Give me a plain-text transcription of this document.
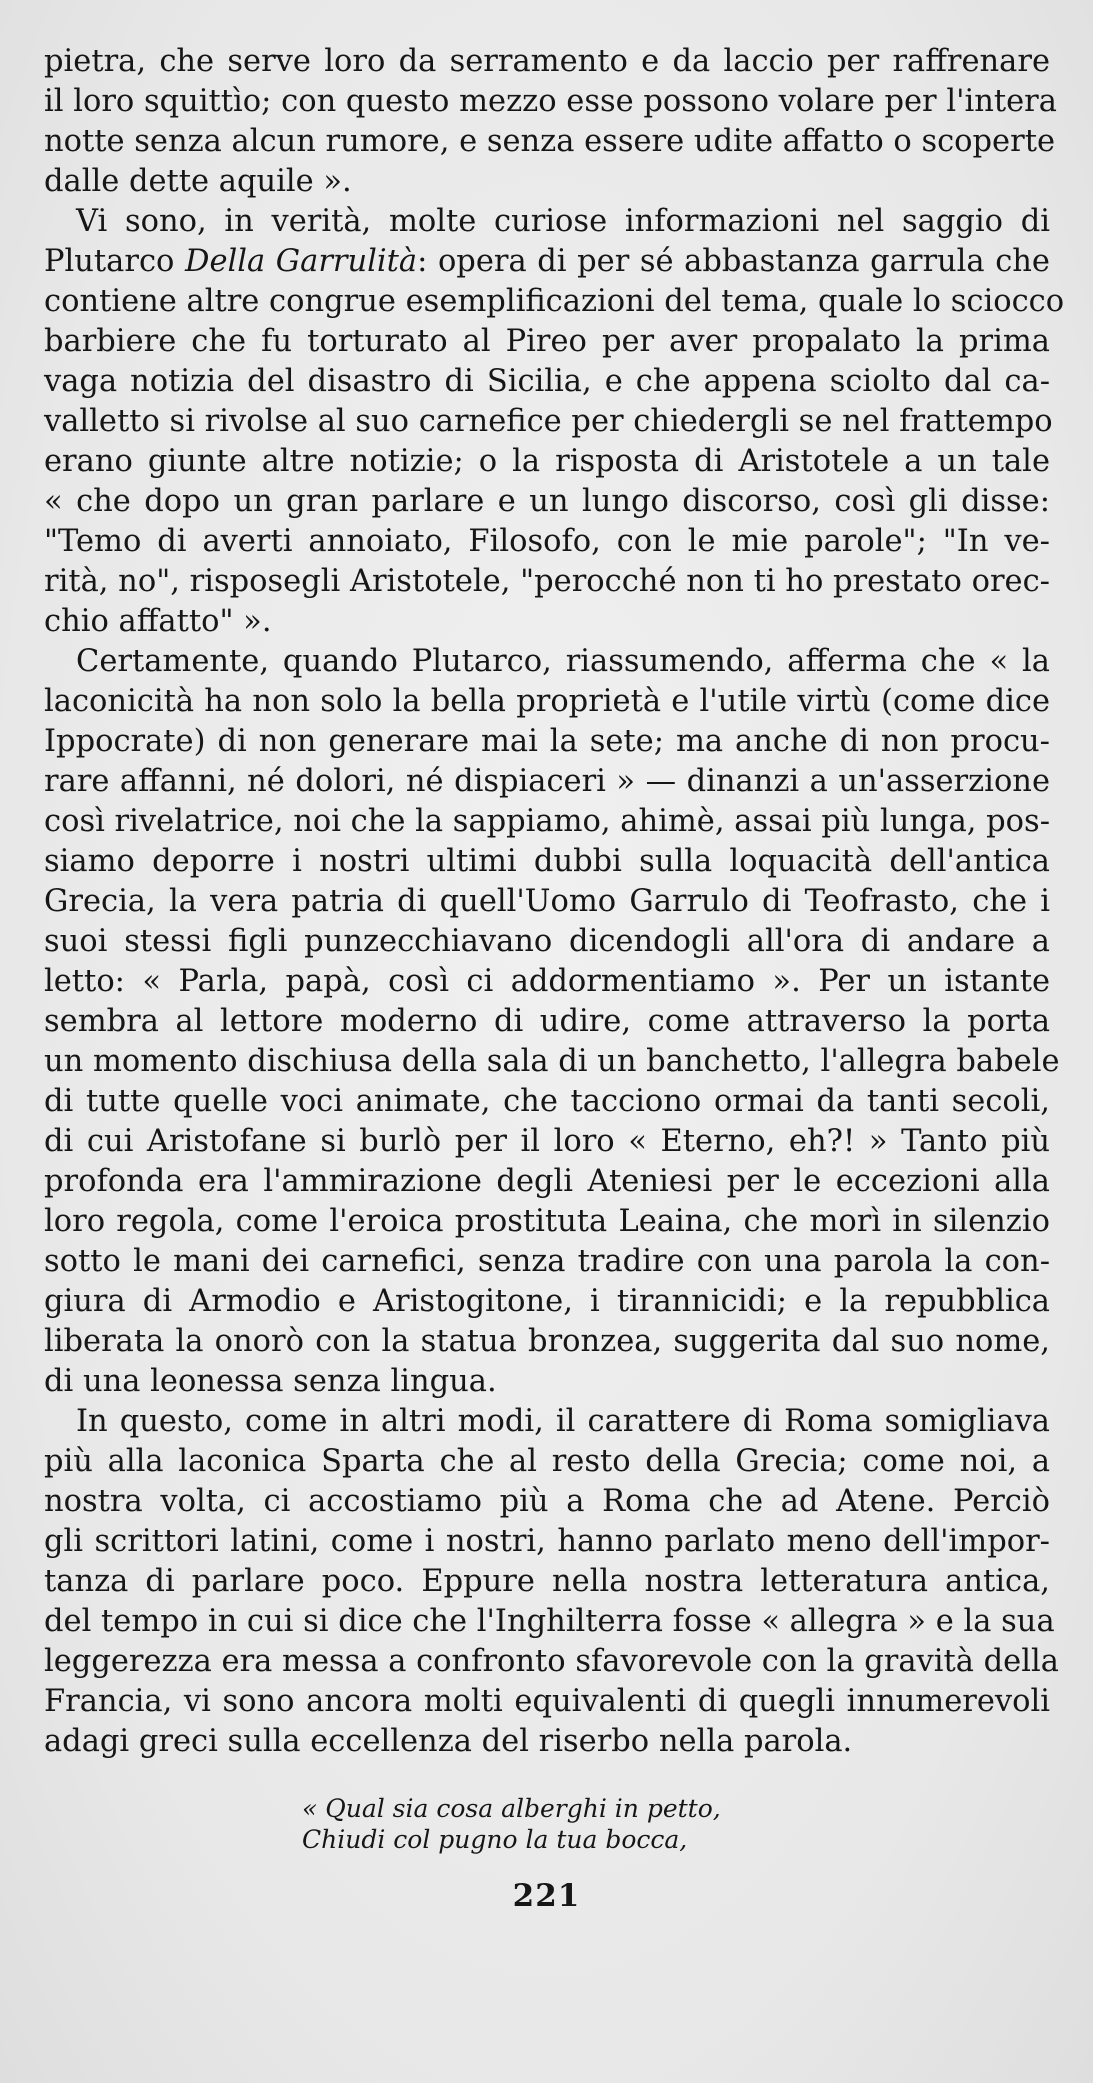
pietra, che serve loro da serramento e da laccio per raffrenare
il loro squittìo; con questo mezzo esse possono volare per l'intera
notte senza alcun rumore, e senza essere udite affatto o scoperte
dalle dette aquile ».
Vi sono, in verità, molte curiose informazioni nel saggio di
Plutarco Della Garrulità: opera di per sé abbastanza garrula che
contiene altre congrue esemplificazioni del tema, quale lo sciocco
barbiere che fu torturato al Pireo per aver propalato la prima
vaga notizia del disastro di Sicilia, e che appena sciolto dal ca-
valletto si rivolse al suo carnefice per chiedergli se nel frattempo
erano giunte altre notizie; o la risposta di Aristotele a un tale
« che dopo un gran parlare e un lungo discorso, così gli disse:
"Temo di averti annoiato, Filosofo, con le mie parole"; "In ve-
rità, no", risposegli Aristotele, "perocché non ti ho prestato orec-
chio affatto" ».
Certamente, quando Plutarco, riassumendo, afferma che « la
laconicità ha non solo la bella proprietà e l'utile virtù (come dice
Ippocrate) di non generare mai la sete; ma anche di non procu-
rare affanni, né dolori, né dispiaceri » — dinanzi a un'asserzione
così rivelatrice, noi che la sappiamo, ahimè, assai più lunga, pos-
siamo deporre i nostri ultimi dubbi sulla loquacità dell'antica
Grecia, la vera patria di quell'Uomo Garrulo di Teofrasto, che i
suoi stessi figli punzecchiavano dicendogli all'ora di andare a
letto: « Parla, papà, così ci addormentiamo ». Per un istante
sembra al lettore moderno di udire, come attraverso la porta
un momento dischiusa della sala di un banchetto, l'allegra babele
di tutte quelle voci animate, che tacciono ormai da tanti secoli,
di cui Aristofane si burlò per il loro « Eterno, eh?! » Tanto più
profonda era l'ammirazione degli Ateniesi per le eccezioni alla
loro regola, come l'eroica prostituta Leaina, che morì in silenzio
sotto le mani dei carnefici, senza tradire con una parola la con-
giura di Armodio e Aristogitone, i tirannicidi; e la repubblica
liberata la onorò con la statua bronzea, suggerita dal suo nome,
di una leonessa senza lingua.
In questo, come in altri modi, il carattere di Roma somigliava
più alla laconica Sparta che al resto della Grecia; come noi, a
nostra volta, ci accostiamo più a Roma che ad Atene. Perciò
gli scrittori latini, come i nostri, hanno parlato meno dell'impor-
tanza di parlare poco. Eppure nella nostra letteratura antica,
del tempo in cui si dice che l'Inghilterra fosse « allegra » e la sua
leggerezza era messa a confronto sfavorevole con la gravità della
Francia, vi sono ancora molti equivalenti di quegli innumerevoli
adagi greci sulla eccellenza del riserbo nella parola.
« Qual sia cosa alberghi in petto,
Chiudi col pugno la tua bocca,
221
